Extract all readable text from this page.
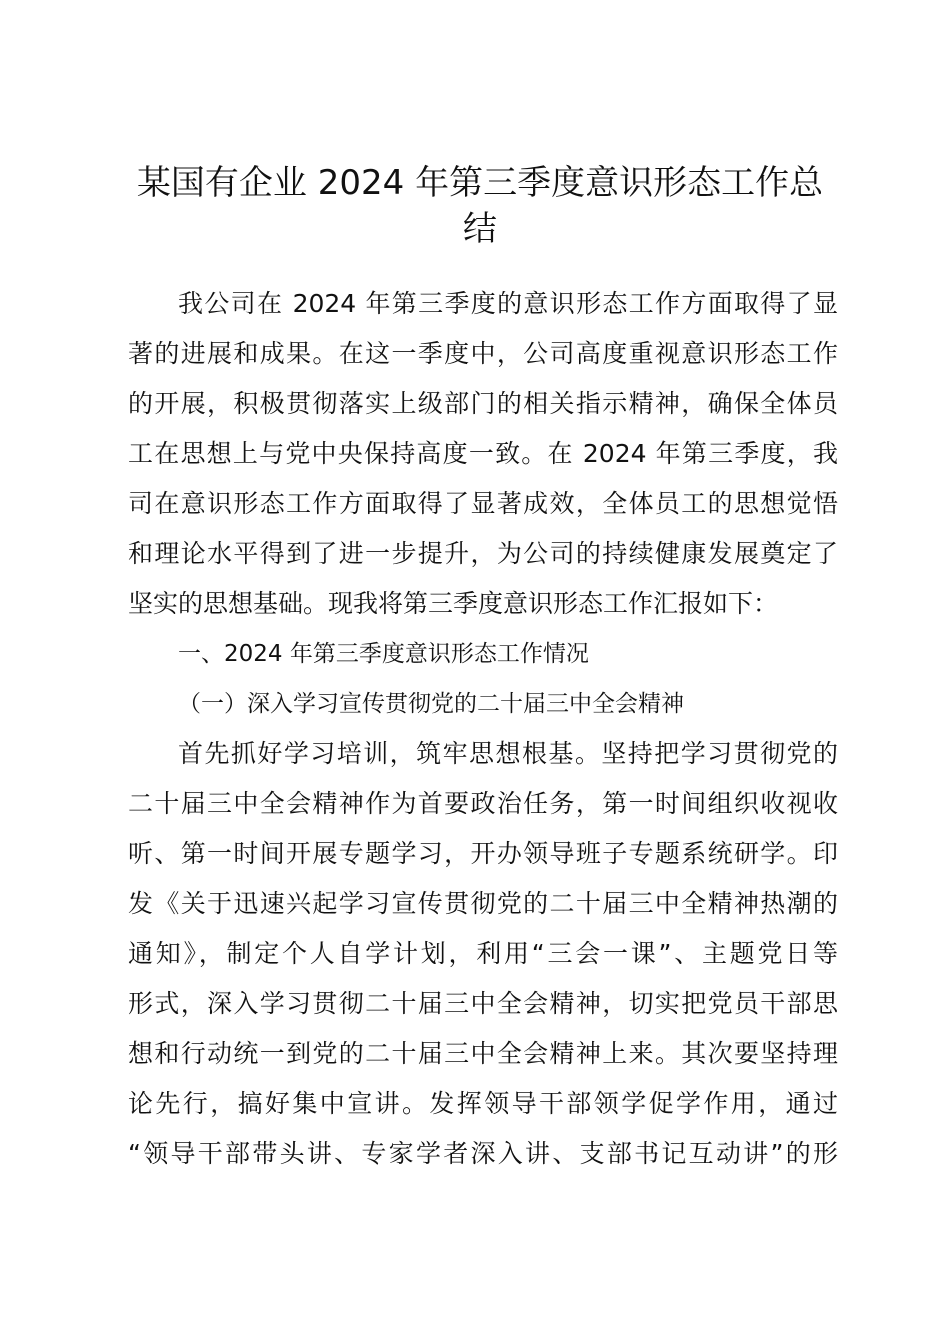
某国有企业 2024 年第三季度意识形态工作总
结

我公司在 2024 年第三季度的意识形态工作方面取得了显

著的进展和成果。在这一季度中，公司高度重视意识形态工作

的开展，积极贯彻落实上级部门的相关指示精神，确保全体员

工在思想上与党中央保持高度一致。在 2024 年第三季度，我

司在意识形态工作方面取得了显著成效，全体员工的思想觉悟

和理论水平得到了进一步提升，为公司的持续健康发展奠定了

坚实的思想基础。现我将第三季度意识形态工作汇报如下：

一、2024 年第三季度意识形态工作情况

（一）深入学习宣传贯彻党的二十届三中全会精神

首先抓好学习培训，筑牢思想根基。坚持把学习贯彻党的

二十届三中全会精神作为首要政治任务，第一时间组织收视收

听、第一时间开展专题学习，开办领导班子专题系统研学。印

发《关于迅速兴起学习宣传贯彻党的二十届三中全精神热潮的

通知》，制定个人自学计划，利用“三会一课”、主题党日等

形式，深入学习贯彻二十届三中全会精神，切实把党员干部思

想和行动统一到党的二十届三中全会精神上来。其次要坚持理

论先行，搞好集中宣讲。发挥领导干部领学促学作用，通过

“领导干部带头讲、专家学者深入讲、支部书记互动讲”的形
